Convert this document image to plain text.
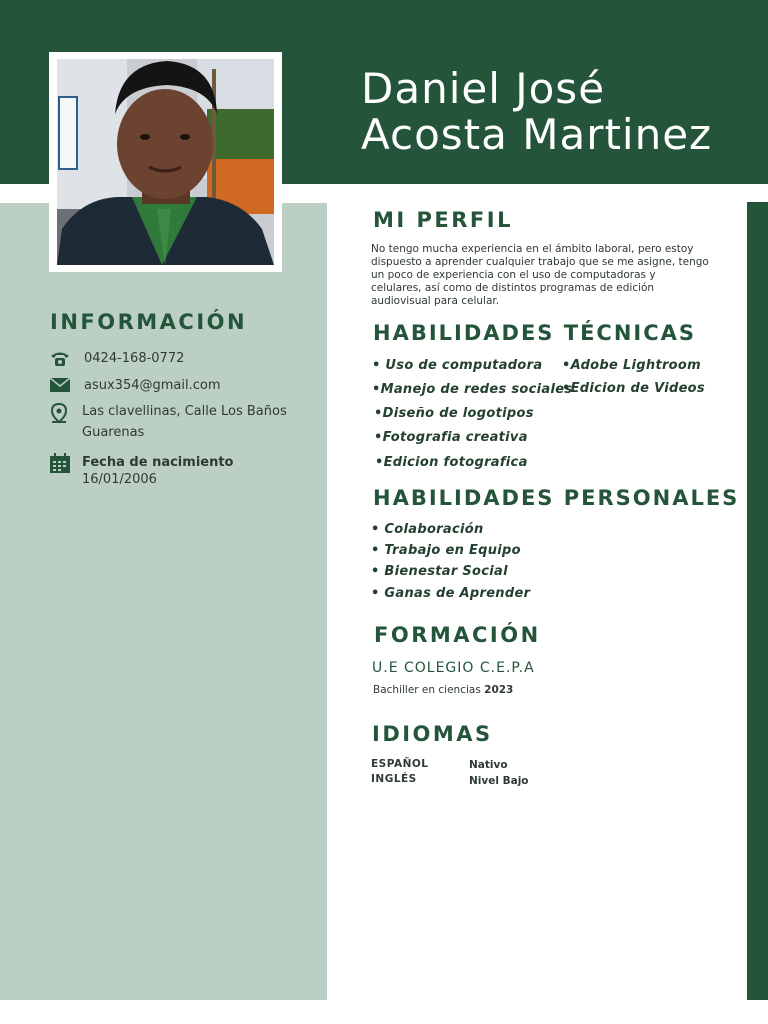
Daniel José
Acosta Martinez
INFORMACIÓN
0424-168-0772
asux354@gmail.com
Las clavellinas, Calle Los Baños
Guarenas
Fecha de nacimiento
16/01/2006
MI PERFIL
No tengo mucha experiencia en el ámbito laboral, pero estoy
dispuesto a aprender cualquier trabajo que se me asigne, tengo
un poco de experiencia con el uso de computadoras y
celulares, así como de distintos programas de edición
audiovisual para celular.
HABILIDADES TÉCNICAS
• Uso de computadora
•Manejo de redes sociales
•Diseño de logotipos
•Fotografia creativa
•Edicion fotografica
•Adobe Lightroom
•Edicion de Videos
HABILIDADES PERSONALES
• Colaboración
• Trabajo en Equipo
• Bienestar Social
• Ganas de Aprender
FORMACIÓN
U.E COLEGIO C.E.P.A
Bachiller en ciencias 2023
IDIOMAS
ESPAÑOL
INGLÉS
Nativo
Nivel Bajo
